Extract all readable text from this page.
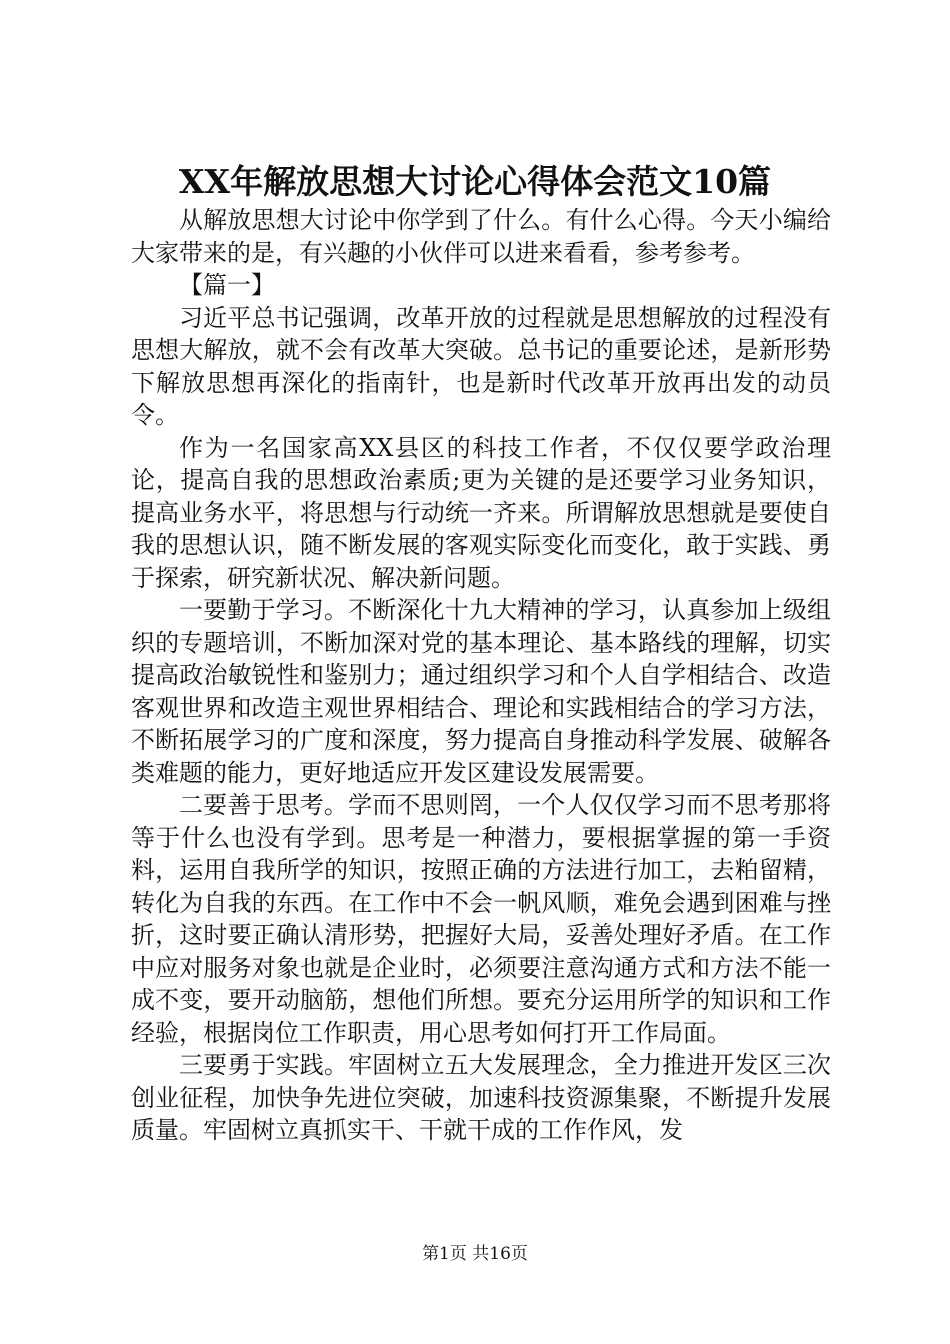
XX年解放思想大讨论心得体会范文10篇

从解放思想大讨论中你学到了什么。有什么心得。今天小编给大家带来的是，有兴趣的小伙伴可以进来看看，参考参考。

【篇一】

习近平总书记强调，改革开放的过程就是思想解放的过程没有思想大解放，就不会有改革大突破。总书记的重要论述，是新形势下解放思想再深化的指南针，也是新时代改革开放再出发的动员令。

作为一名国家高XX县区的科技工作者，不仅仅要学政治理论，提高自我的思想政治素质;更为关键的是还要学习业务知识，提高业务水平，将思想与行动统一齐来。所谓解放思想就是要使自我的思想认识，随不断发展的客观实际变化而变化，敢于实践、勇于探索，研究新状况、解决新问题。

一要勤于学习。不断深化十九大精神的学习，认真参加上级组织的专题培训，不断加深对党的基本理论、基本路线的理解，切实提高政治敏锐性和鉴别力；通过组织学习和个人自学相结合、改造客观世界和改造主观世界相结合、理论和实践相结合的学习方法，不断拓展学习的广度和深度，努力提高自身推动科学发展、破解各类难题的能力，更好地适应开发区建设发展需要。

二要善于思考。学而不思则罔，一个人仅仅学习而不思考那将等于什么也没有学到。思考是一种潜力，要根据掌握的第一手资料，运用自我所学的知识，按照正确的方法进行加工，去粕留精，转化为自我的东西。在工作中不会一帆风顺，难免会遇到困难与挫折，这时要正确认清形势，把握好大局，妥善处理好矛盾。在工作中应对服务对象也就是企业时，必须要注意沟通方式和方法不能一成不变，要开动脑筋，想他们所想。要充分运用所学的知识和工作经验，根据岗位工作职责，用心思考如何打开工作局面。

三要勇于实践。牢固树立五大发展理念，全力推进开发区三次创业征程，加快争先进位突破，加速科技资源集聚，不断提升发展质量。牢固树立真抓实干、干就干成的工作作风，发

第1页 共16页
